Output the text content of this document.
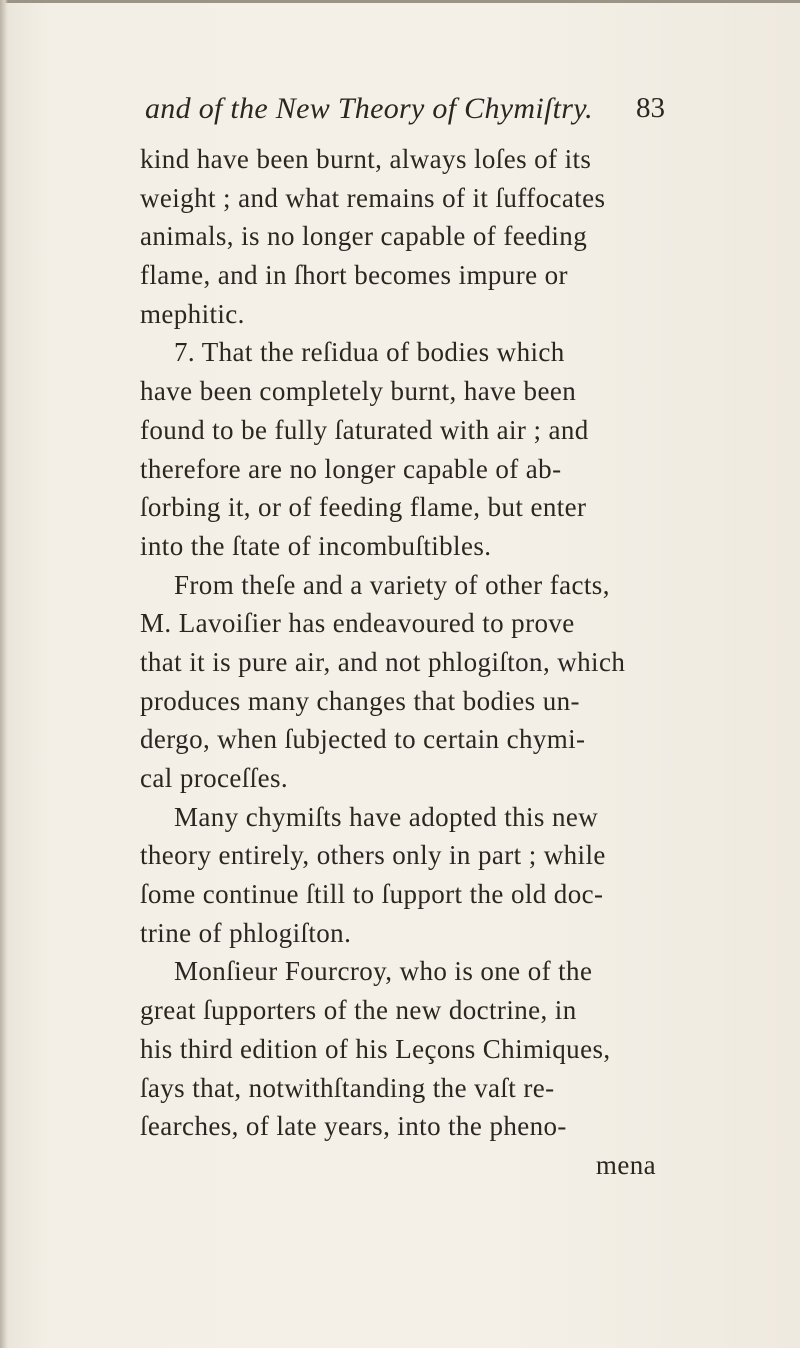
and of the New Theory of Chymiſtry. 83
kind have been burnt, always loſes of its
weight ; and what remains of it ſuffocates
animals, is no longer capable of feeding
flame, and in ſhort becomes impure or
mephitic.
7. That the reſidua of bodies which
have been completely burnt, have been
found to be fully ſaturated with air ; and
therefore are no longer capable of ab-
ſorbing it, or of feeding flame, but enter
into the ſtate of incombuſtibles.
From theſe and a variety of other facts,
M. Lavoiſier has endeavoured to prove
that it is pure air, and not phlogiſton, which
produces many changes that bodies un-
dergo, when ſubjected to certain chymi-
cal proceſſes.
Many chymiſts have adopted this new
theory entirely, others only in part ; while
ſome continue ſtill to ſupport the old doc-
trine of phlogiſton.
Monſieur Fourcroy, who is one of the
great ſupporters of the new doctrine, in
his third edition of his Leçons Chimiques,
ſays that, notwithſtanding the vaſt re-
ſearches, of late years, into the pheno-
mena
